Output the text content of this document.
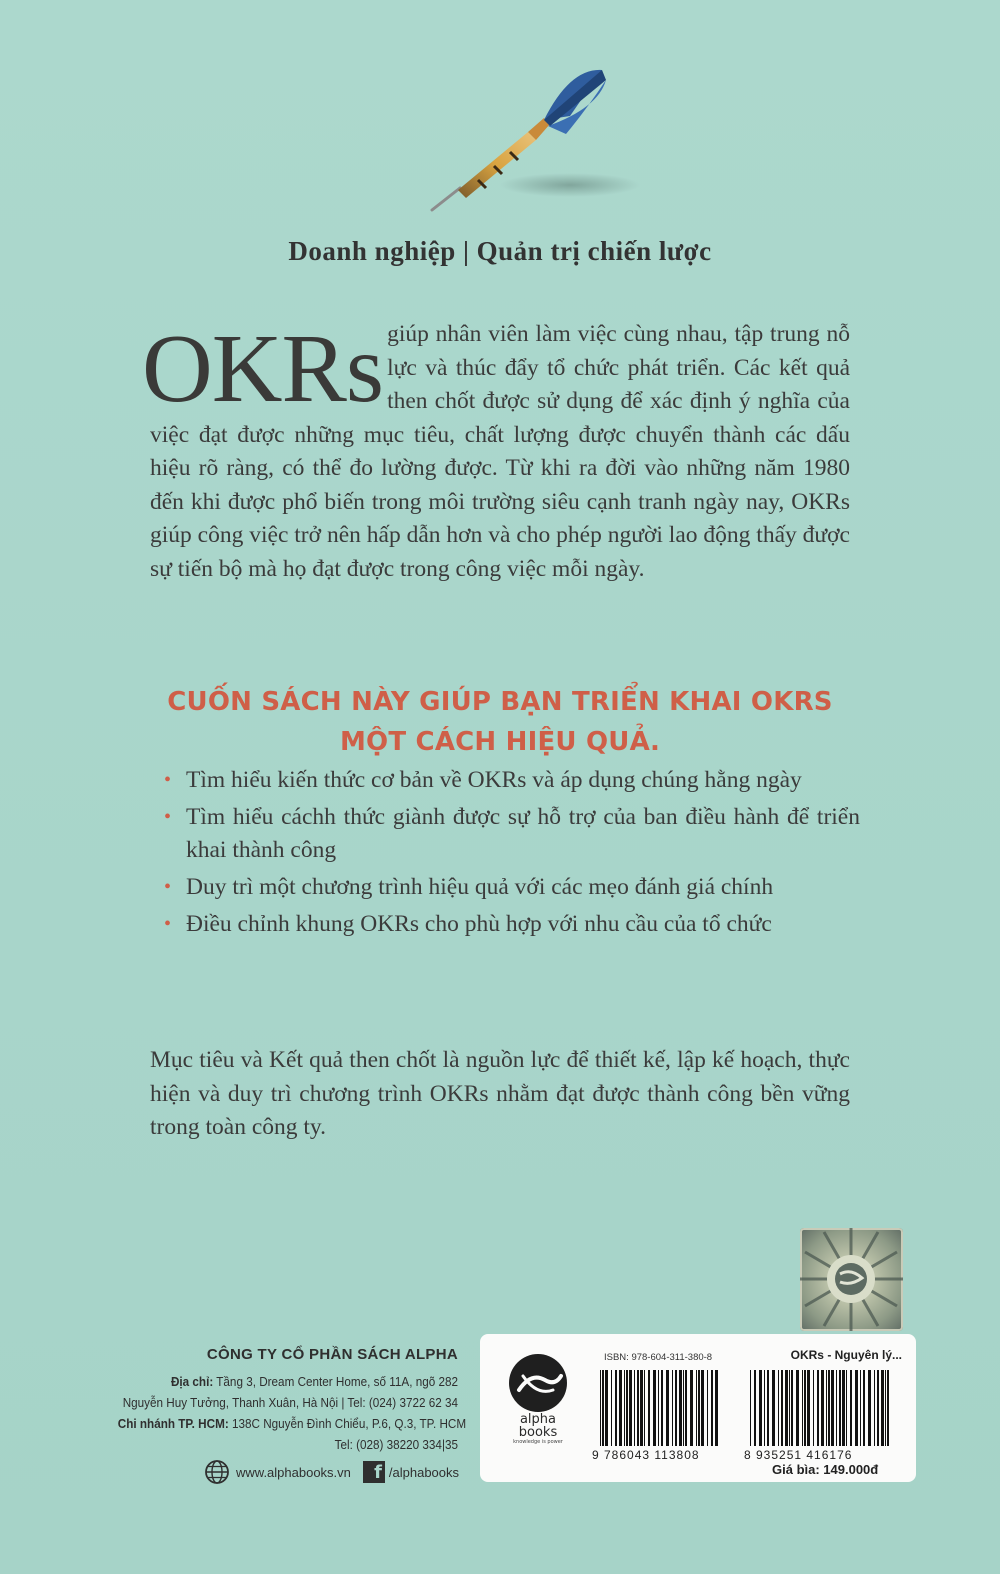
Doanh nghiệp | Quản trị chiến lược
OKRs giúp nhân viên làm việc cùng nhau, tập trung nỗ lực và thúc đẩy tổ chức phát triển. Các kết quả then chốt được sử dụng để xác định ý nghĩa của việc đạt được những mục tiêu, chất lượng được chuyển thành các dấu hiệu rõ ràng, có thể đo lường được. Từ khi ra đời vào những năm 1980 đến khi được phổ biến trong môi trường siêu cạnh tranh ngày nay, OKRs giúp công việc trở nên hấp dẫn hơn và cho phép người lao động thấy được sự tiến bộ mà họ đạt được trong công việc mỗi ngày.
CUỐN SÁCH NÀY GIÚP BẠN TRIỂN KHAI OKRS
MỘT CÁCH HIỆU QUẢ.
• Tìm hiểu kiến thức cơ bản về OKRs và áp dụng chúng hằng ngày
• Tìm hiểu cáchh thức giành được sự hỗ trợ của ban điều hành để triển khai thành công
• Duy trì một chương trình hiệu quả với các mẹo đánh giá chính
• Điều chỉnh khung OKRs cho phù hợp với nhu cầu của tổ chức
Mục tiêu và Kết quả then chốt là nguồn lực để thiết kế, lập kế hoạch, thực hiện và duy trì chương trình OKRs nhằm đạt được thành công bền vững trong toàn công ty.
CÔNG TY CỔ PHẦN SÁCH ALPHA
Địa chỉ: Tầng 3, Dream Center Home, số 11A, ngõ 282
Nguyễn Huy Tưởng, Thanh Xuân, Hà Nội | Tel: (024) 3722 62 34
Chi nhánh TP. HCM: 138C Nguyễn Đình Chiểu, P.6, Q.3, TP. HCM
Tel: (028) 38220 334|35
www.alphabooks.vn	f /alphabooks
alpha
books
knowledge is power
ISBN: 978-604-311-380-8	OKRs - Nguyên lý...
9 786043 113808	8 935251 416176
Giá bìa: 149.000đ
